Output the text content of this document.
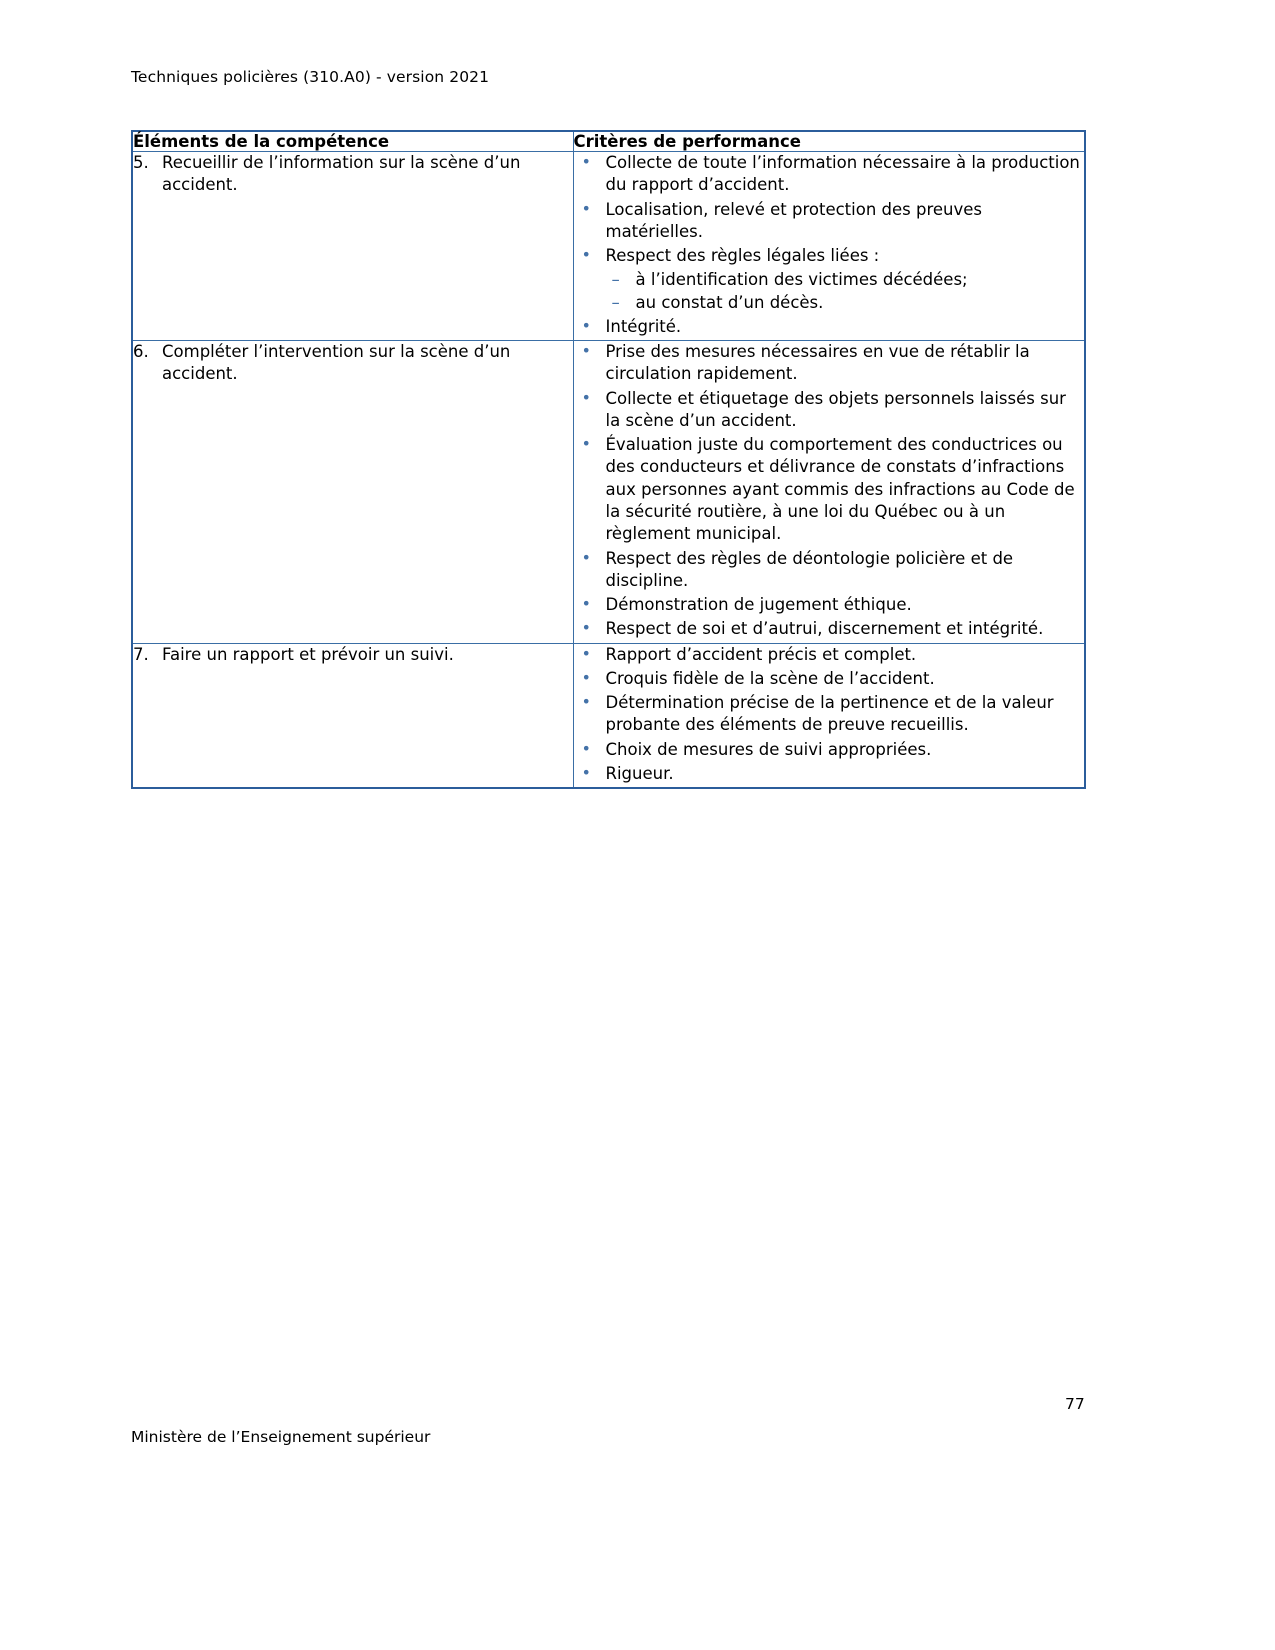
Techniques policières (310.A0) - version 2021
Éléments de la compétence	Critères de performance

5. Recueillir de l’information sur la scène d’un accident.

• Collecte de toute l’information nécessaire à la production du rapport d’accident.
• Localisation, relevé et protection des preuves matérielles.
• Respect des règles légales liées :
– à l’identification des victimes décédées;
– au constat d’un décès.
• Intégrité.

6. Compléter l’intervention sur la scène d’un accident.

• Prise des mesures nécessaires en vue de rétablir la circulation rapidement.
• Collecte et étiquetage des objets personnels laissés sur la scène d’un accident.
• Évaluation juste du comportement des conductrices ou des conducteurs et délivrance de constats d’infractions aux personnes ayant commis des infractions au Code de la sécurité routière, à une loi du Québec ou à un règlement municipal.
• Respect des règles de déontologie policière et de discipline.
• Démonstration de jugement éthique.
• Respect de soi et d’autrui, discernement et intégrité.

7. Faire un rapport et prévoir un suivi.

•Rapport d’accident précis et complet.
• Croquis fidèle de la scène de l’accident.
• Détermination précise de la pertinence et de la valeur probante des éléments de preuve recueillis.
• Choix de mesures de suivi appropriées.
• Rigueur.
77
Ministère de l’Enseignement supérieur
